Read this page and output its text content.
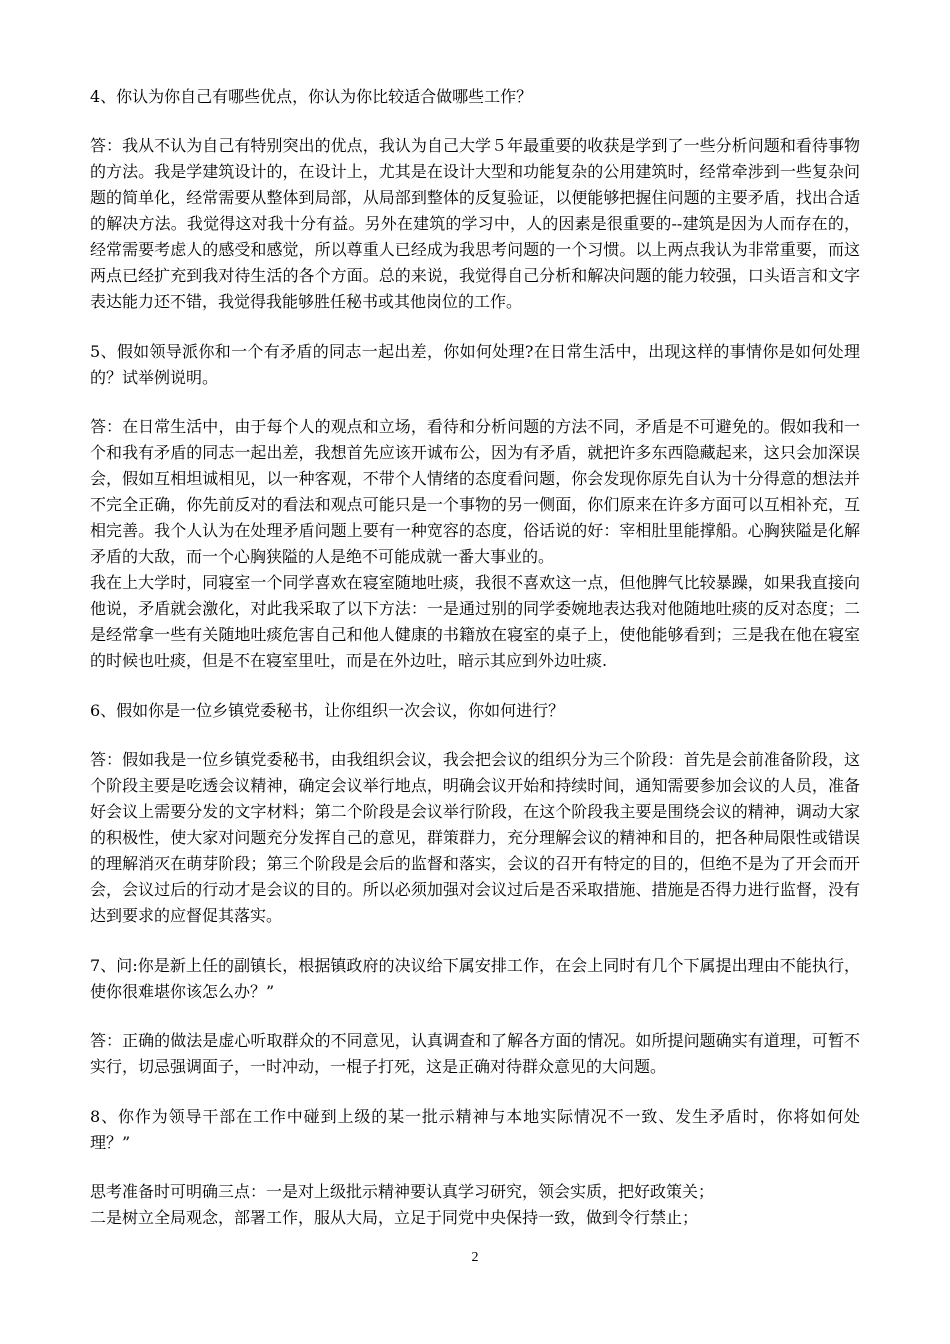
4、你认为你自己有哪些优点，你认为你比较适合做哪些工作？

答：我从不认为自己有特别突出的优点，我认为自己大学５年最重要的收获是学到了一些分析问题和看待事物的方法。我是学建筑设计的，在设计上，尤其是在设计大型和功能复杂的公用建筑时，经常牵涉到一些复杂问题的简单化，经常需要从整体到局部，从局部到整体的反复验证，以便能够把握住问题的主要矛盾，找出合适的解决方法。我觉得这对我十分有益。另外在建筑的学习中，人的因素是很重要的--建筑是因为人而存在的，经常需要考虑人的感受和感觉，所以尊重人已经成为我思考问题的一个习惯。以上两点我认为非常重要，而这两点已经扩充到我对待生活的各个方面。总的来说，我觉得自己分析和解决问题的能力较强，口头语言和文字表达能力还不错，我觉得我能够胜任秘书或其他岗位的工作。

5、假如领导派你和一个有矛盾的同志一起出差，你如何处理?在日常生活中，出现这样的事情你是如何处理的？试举例说明。

答：在日常生活中，由于每个人的观点和立场，看待和分析问题的方法不同，矛盾是不可避免的。假如我和一个和我有矛盾的同志一起出差，我想首先应该开诚布公，因为有矛盾，就把许多东西隐藏起来，这只会加深误会，假如互相坦诚相见，以一种客观，不带个人情绪的态度看问题，你会发现你原先自认为十分得意的想法并不完全正确，你先前反对的看法和观点可能只是一个事物的另一侧面，你们原来在许多方面可以互相补充，互相完善。我个人认为在处理矛盾问题上要有一种宽容的态度，俗话说的好：宰相肚里能撑船。心胸狭隘是化解矛盾的大敌，而一个心胸狭隘的人是绝不可能成就一番大事业的。

我在上大学时，同寝室一个同学喜欢在寝室随地吐痰，我很不喜欢这一点，但他脾气比较暴躁，如果我直接向他说，矛盾就会激化，对此我采取了以下方法：一是通过别的同学委婉地表达我对他随地吐痰的反对态度；二是经常拿一些有关随地吐痰危害自己和他人健康的书籍放在寝室的桌子上，使他能够看到；三是我在他在寝室的时候也吐痰，但是不在寝室里吐，而是在外边吐，暗示其应到外边吐痰.

6、假如你是一位乡镇党委秘书，让你组织一次会议，你如何进行？

答：假如我是一位乡镇党委秘书，由我组织会议，我会把会议的组织分为三个阶段：首先是会前准备阶段，这个阶段主要是吃透会议精神，确定会议举行地点，明确会议开始和持续时间，通知需要参加会议的人员，准备好会议上需要分发的文字材料；第二个阶段是会议举行阶段，在这个阶段我主要是围绕会议的精神，调动大家的积极性，使大家对问题充分发挥自己的意见，群策群力，充分理解会议的精神和目的，把各种局限性或错误的理解消灭在萌芽阶段；第三个阶段是会后的监督和落实，会议的召开有特定的目的，但绝不是为了开会而开会，会议过后的行动才是会议的目的。所以必须加强对会议过后是否采取措施、措施是否得力进行监督，没有达到要求的应督促其落实。

7、问:你是新上任的副镇长，根据镇政府的决议给下属安排工作，在会上同时有几个下属提出理由不能执行，使你很难堪你该怎么办？”

答：正确的做法是虚心听取群众的不同意见，认真调查和了解各方面的情况。如所提问题确实有道理，可暂不实行，切忌强调面子，一时冲动，一棍子打死，这是正确对待群众意见的大问题。

8、你作为领导干部在工作中碰到上级的某一批示精神与本地实际情况不一致、发生矛盾时，你将如何处理？”

思考准备时可明确三点：一是对上级批示精神要认真学习研究，领会实质，把好政策关；

二是树立全局观念，部署工作，服从大局，立足于同党中央保持一致，做到令行禁止；

2
